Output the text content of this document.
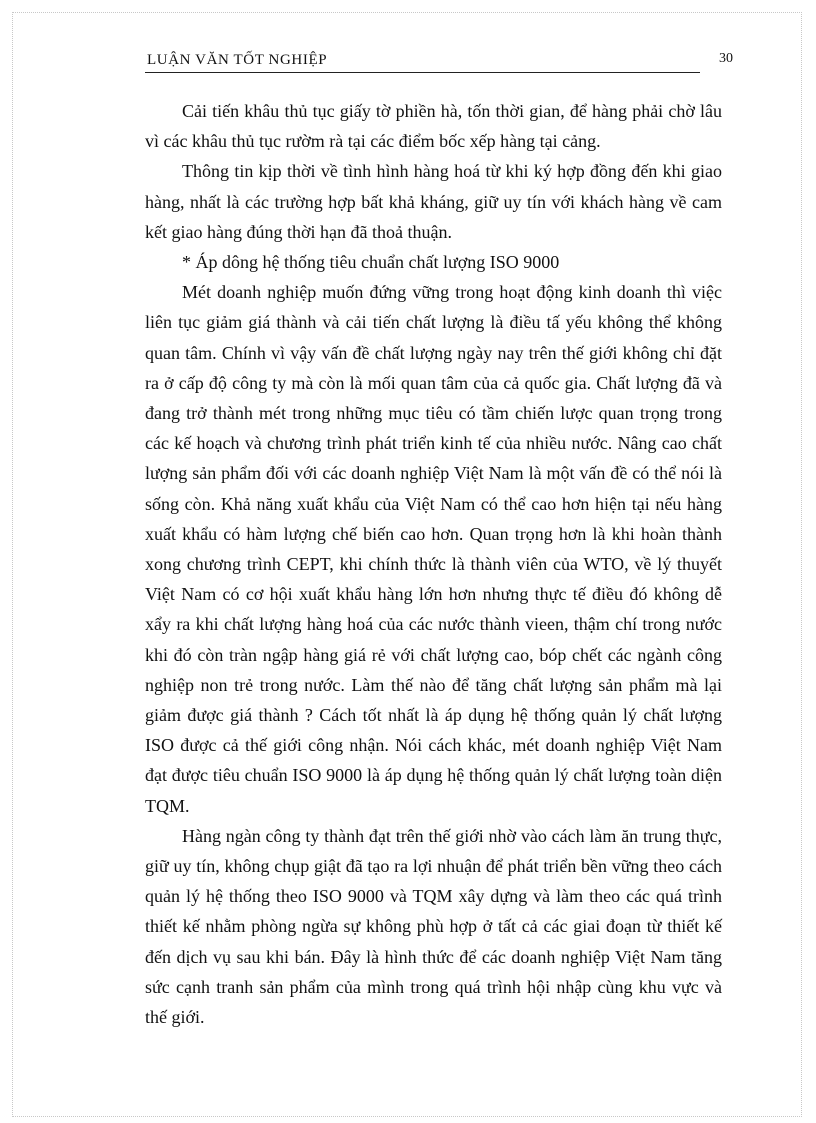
LUẬN VĂN TỐT NGHIỆP	30

Cải tiến khâu thủ tục giấy tờ phiền hà, tốn thời gian, để hàng phải chờ lâu vì các khâu thủ tục rườm rà tại các điểm bốc xếp hàng tại cảng.

Thông tin kịp thời về tình hình hàng hoá từ khi ký hợp đồng đến khi giao hàng, nhất là các trường hợp bất khả kháng, giữ uy tín với khách hàng về cam kết giao hàng đúng thời hạn đã thoả thuận.

* Áp dông hệ thống tiêu chuẩn chất lượng ISO 9000

Mét doanh nghiệp muốn đứng vững trong hoạt động kinh doanh thì việc liên tục giảm giá thành và cải tiến chất lượng là điều tấ yếu không thể không quan tâm. Chính vì vậy vấn đề chất lượng ngày nay trên thế giới không chỉ đặt ra ở cấp độ công ty mà còn là mối quan tâm của cả quốc gia. Chất lượng đã và đang trở thành mét trong những mục tiêu có tầm chiến lược quan trọng trong các kế hoạch và chương trình phát triển kinh tế của nhiều nước. Nâng cao chất lượng sản phẩm đối với các doanh nghiệp Việt Nam là một vấn đề có thể nói là sống còn. Khả năng xuất khẩu của Việt Nam có thể cao hơn hiện tại nếu hàng xuất khẩu có hàm lượng chế biến cao hơn. Quan trọng hơn là khi hoàn thành xong chương trình CEPT, khi chính thức là thành viên của WTO, về lý thuyết Việt Nam có cơ hội xuất khẩu hàng lớn hơn nhưng thực tế điều đó không dễ xẩy ra khi chất lượng hàng hoá của các nước thành vieen, thậm chí trong nước khi đó còn tràn ngập hàng giá rẻ với chất lượng cao, bóp chết các ngành công nghiệp non trẻ trong nước. Làm thế nào để tăng chất lượng sản phẩm mà lại giảm được giá thành ? Cách tốt nhất là áp dụng hệ thống quản lý chất lượng ISO được cả thế giới công nhận. Nói cách khác, mét doanh nghiệp Việt Nam đạt được tiêu chuẩn ISO 9000 là áp dụng hệ thống quản lý chất lượng toàn diện TQM.

Hàng ngàn công ty thành đạt trên thế giới nhờ vào cách làm ăn trung thực, giữ uy tín, không chụp giật đã tạo ra lợi nhuận để phát triển bền vững theo cách quản lý hệ thống theo ISO 9000 và TQM xây dựng và làm theo các quá trình thiết kế nhằm phòng ngừa sự không phù hợp ở tất cả các giai đoạn từ thiết kế đến dịch vụ sau khi bán. Đây là hình thức để các doanh nghiệp Việt Nam tăng sức cạnh tranh sản phẩm của mình trong quá trình hội nhập cùng khu vực và thế giới.
